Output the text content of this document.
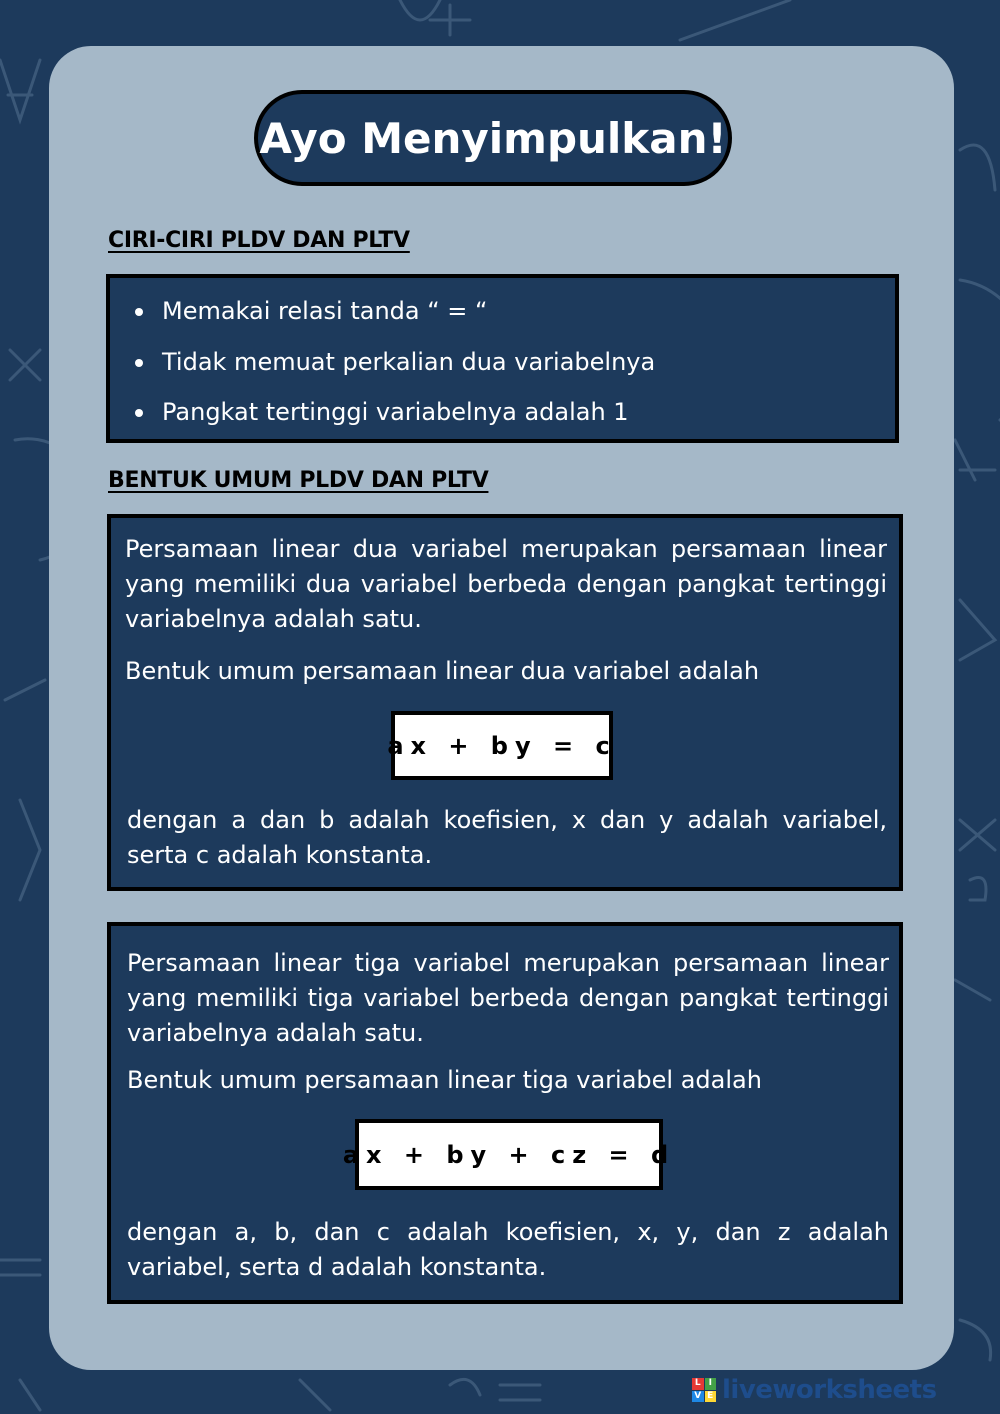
Ayo Menyimpulkan!
CIRI-CIRI PLDV DAN PLTV
Memakai relasi tanda “ = “
Tidak memuat perkalian dua variabelnya
Pangkat tertinggi variabelnya adalah 1
BENTUK UMUM PLDV DAN PLTV

Persamaan linear dua variabel merupakan persamaan linear yang memiliki dua variabel berbeda dengan pangkat tertinggi variabelnya adalah satu.

Bentuk umum persamaan linear dua variabel adalah

ax + by = c

dengan a dan b adalah koefisien, x dan y adalah variabel, serta c adalah konstanta.

Persamaan linear tiga variabel merupakan persamaan linear yang memiliki tiga variabel berbeda dengan pangkat tertinggi variabelnya adalah satu.

Bentuk umum persamaan linear tiga variabel adalah

ax + by + cz = d

dengan a, b, dan c adalah koefisien, x, y, dan z adalah variabel, serta d adalah konstanta.

L I
V E liveworksheets
